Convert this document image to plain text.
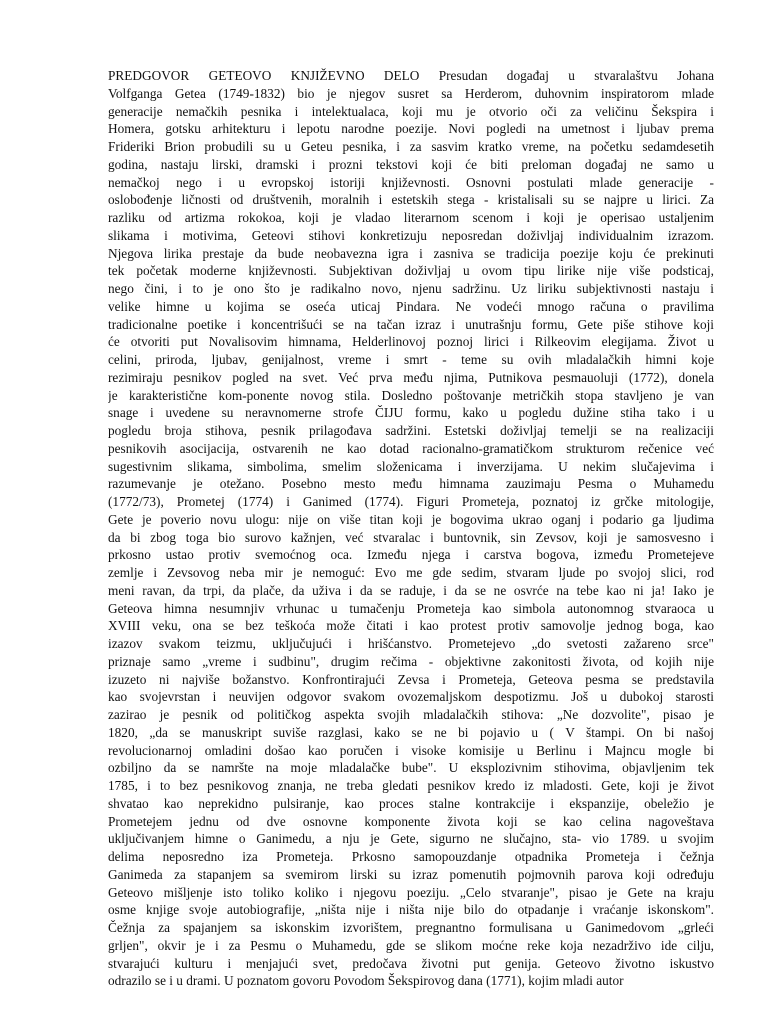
PREDGOVOR GETEOVO KNJIŽEVNO DELO Presudan događaj u stvaralaštvu Johana
Volfganga Getea (1749-1832) bio je njegov susret sa Herderom, duhovnim inspiratorom mlade
generacije nemačkih pesnika i intelektualaca, koji mu je otvorio oči za veličinu Šekspira i
Homera, gotsku arhitekturu i lepotu narodne poezije. Novi pogledi na umetnost i ljubav prema
Frideriki Brion probudili su u Geteu pesnika, i za sasvim kratko vreme, na početku sedamdesetih
godina, nastaju lirski, dramski i prozni tekstovi koji će biti preloman događaj ne samo u
nemačkoj nego i u evropskoj istoriji književnosti. Osnovni postulati mlade generacije -
oslobođenje ličnosti od društvenih, moralnih i estetskih stega - kristalisali su se najpre u lirici. Za
razliku od artizma rokokoa, koji je vladao literarnom scenom i koji je operisao ustaljenim
slikama i motivima, Geteovi stihovi konkretizuju neposredan doživljaj individualnim izrazom.
Njegova lirika prestaje da bude neobavezna igra i zasniva se tradicija poezije koju će prekinuti
tek početak moderne književnosti. Subjektivan doživljaj u ovom tipu lirike nije više podsticaj,
nego čini, i to je ono što je radikalno novo, njenu sadržinu. Uz liriku subjektivnosti nastaju i
velike himne u kojima se oseća uticaj Pindara. Ne vodeći mnogo računa o pravilima
tradicionalne poetike i koncentrišući se na tačan izraz i unutrašnju formu, Gete piše stihove koji
će otvoriti put Novalisovim himnama, Helderlinovoj poznoj lirici i Rilkeovim elegijama. Život u
celini, priroda, ljubav, genijalnost, vreme i smrt - teme su ovih mladalačkih himni koje
rezimiraju pesnikov pogled na svet. Već prva među njima, Putnikova pesmauoluji (1772), donela
je karakteristične kom-ponente novog stila. Dosledno poštovanje metričkih stopa stavljeno je van
snage i uvedene su neravnomerne strofe ČIJU formu, kako u pogledu dužine stiha tako i u
pogledu broja stihova, pesnik prilagođava sadržini. Estetski doživljaj temelji se na realizaciji
pesnikovih asocijacija, ostvarenih ne kao dotad racionalno-gramatičkom strukturom rečenice već
sugestivnim slikama, simbolima, smelim složenicama i inverzijama. U nekim slučajevima i
razumevanje je otežano. Posebno mesto među himnama zauzimaju Pesma o Muhamedu
(1772/73), Prometej (1774) i Ganimed (1774). Figuri Prometeja, poznatoj iz grčke mitologije,
Gete je poverio novu ulogu: nije on više titan koji je bogovima ukrao oganj i podario ga ljudima
da bi zbog toga bio surovo kažnjen, već stvaralac i buntovnik, sin Zevsov, koji je samosvesno i
prkosno ustao protiv svemoćnog oca. Između njega i carstva bogova, između Prometejeve
zemlje i Zevsovog neba mir je nemoguć: Evo me gde sedim, stvaram ljude po svojoj slici, rod
meni ravan, da trpi, da plače, da uživa i da se raduje, i da se ne osvrće na tebe kao ni ja! Iako je
Geteova himna nesumnjiv vrhunac u tumačenju Prometeja kao simbola autonomnog stvaraoca u
XVIII veku, ona se bez teškoća može čitati i kao protest protiv samovolje jednog boga, kao
izazov svakom teizmu, uključujući i hrišćanstvo. Prometejevo „do svetosti zažareno srce"
priznaje samo „vreme i sudbinu", drugim rečima - objektivne zakonitosti života, od kojih nije
izuzeto ni najviše božanstvo. Konfrontirajući Zevsa i Prometeja, Geteova pesma se predstavila
kao svojevrstan i neuvijen odgovor svakom ovozemaljskom despotizmu. Još u dubokoj starosti
zazirao je pesnik od političkog aspekta svojih mladalačkih stihova: „Ne dozvolite", pisao je
1820, „da se manuskript suviše razglasi, kako se ne bi pojavio u ( V štampi. On bi našoj
revolucionarnoj omladini došao kao poručen i visoke komisije u Berlinu i Majncu mogle bi
ozbiljno da se namršte na moje mladalačke bube". U eksplozivnim stihovima, objavljenim tek
1785, i to bez pesnikovog znanja, ne treba gledati pesnikov kredo iz mladosti. Gete, koji je život
shvatao kao neprekidno pulsiranje, kao proces stalne kontrakcije i ekspanzije, obeležio je
Prometejem jednu od dve osnovne komponente života koji se kao celina nagoveštava
uključivanjem himne o Ganimedu, a nju je Gete, sigurno ne slučajno, sta- vio 1789. u svojim
delima neposredno iza Prometeja. Prkosno samopouzdanje otpadnika Prometeja i čežnja
Ganimeda za stapanjem sa svemirom lirski su izraz pomenutih pojmovnih parova koji određuju
Geteovo mišljenje isto toliko koliko i njegovu poeziju. „Celo stvaranje", pisao je Gete na kraju
osme knjige svoje autobiografije, „ništa nije i ništa nije bilo do otpadanje i vraćanje iskonskom".
Čežnja za spajanjem sa iskonskim izvorištem, pregnantno formulisana u Ganimedovom „grleći
grljen", okvir je i za Pesmu o Muhamedu, gde se slikom moćne reke koja nezadrživo ide cilju,
stvarajući kulturu i menjajući svet, predočava životni put genija. Geteovo životno iskustvo
odrazilo se i u drami. U poznatom govoru Povodom Šekspirovog dana (1771), kojim mladi autor
